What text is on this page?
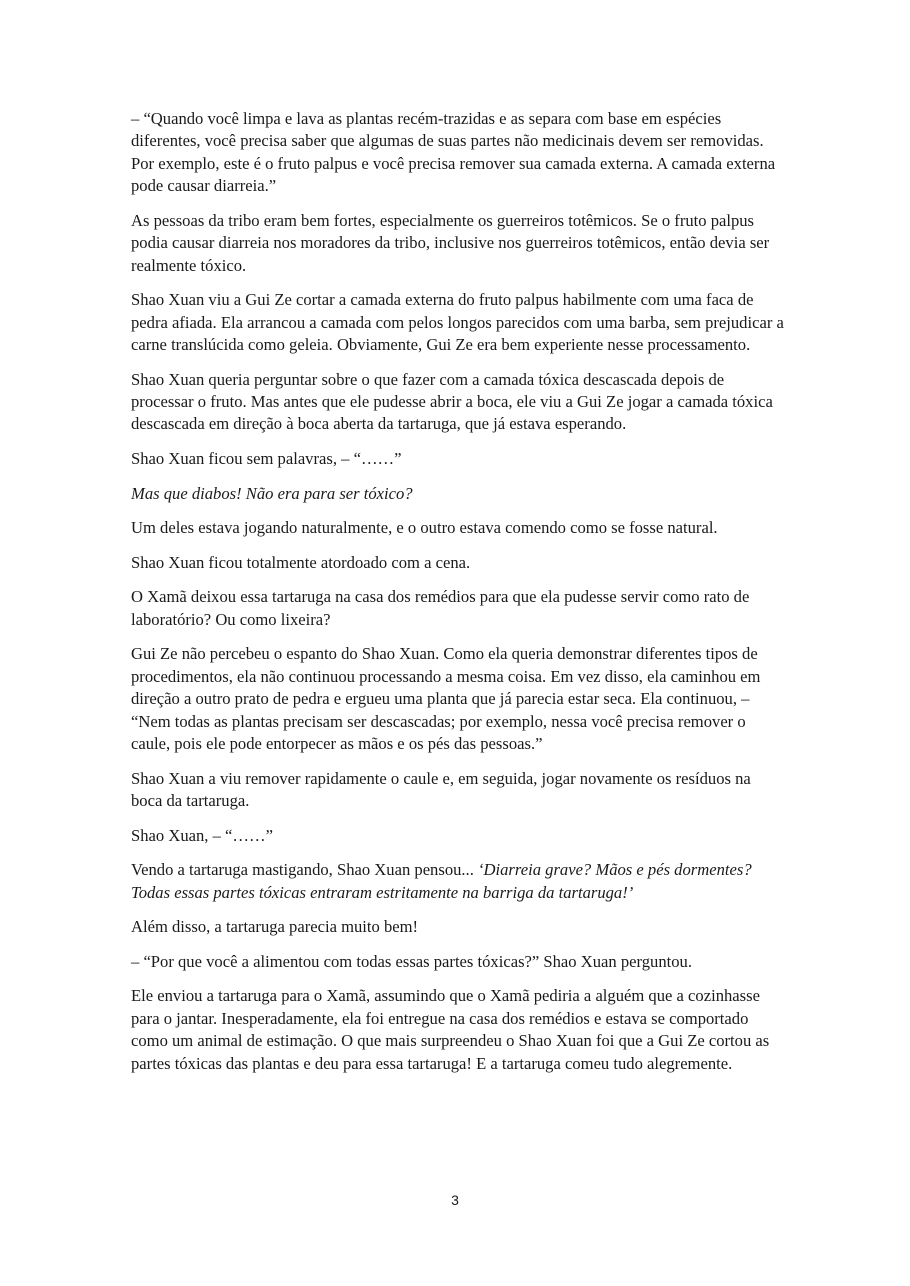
– “Quando você limpa e lava as plantas recém-trazidas e as separa com base em espécies diferentes, você precisa saber que algumas de suas partes não medicinais devem ser removidas. Por exemplo, este é o fruto palpus e você precisa remover sua camada externa. A camada externa pode causar diarreia.”

As pessoas da tribo eram bem fortes, especialmente os guerreiros totêmicos. Se o fruto palpus podia causar diarreia nos moradores da tribo, inclusive nos guerreiros totêmicos, então devia ser realmente tóxico.

Shao Xuan viu a Gui Ze cortar a camada externa do fruto palpus habilmente com uma faca de pedra afiada. Ela arrancou a camada com pelos longos parecidos com uma barba, sem prejudicar a carne translúcida como geleia. Obviamente, Gui Ze era bem experiente nesse processamento.

Shao Xuan queria perguntar sobre o que fazer com a camada tóxica descascada depois de processar o fruto. Mas antes que ele pudesse abrir a boca, ele viu a Gui Ze jogar a camada tóxica descascada em direção à boca aberta da tartaruga, que já estava esperando.

Shao Xuan ficou sem palavras, – “……”

Mas que diabos! Não era para ser tóxico?

Um deles estava jogando naturalmente, e o outro estava comendo como se fosse natural.

Shao Xuan ficou totalmente atordoado com a cena.

O Xamã deixou essa tartaruga na casa dos remédios para que ela pudesse servir como rato de laboratório? Ou como lixeira?

Gui Ze não percebeu o espanto do Shao Xuan. Como ela queria demonstrar diferentes tipos de procedimentos, ela não continuou processando a mesma coisa. Em vez disso, ela caminhou em direção a outro prato de pedra e ergueu uma planta que já parecia estar seca. Ela continuou, – “Nem todas as plantas precisam ser descascadas; por exemplo, nessa você precisa remover o caule, pois ele pode entorpecer as mãos e os pés das pessoas.”

Shao Xuan a viu remover rapidamente o caule e, em seguida, jogar novamente os resíduos na boca da tartaruga.

Shao Xuan, – “……”

Vendo a tartaruga mastigando, Shao Xuan pensou... ‘Diarreia grave? Mãos e pés dormentes? Todas essas partes tóxicas entraram estritamente na barriga da tartaruga!’

Além disso, a tartaruga parecia muito bem!

– “Por que você a alimentou com todas essas partes tóxicas?” Shao Xuan perguntou.

Ele enviou a tartaruga para o Xamã, assumindo que o Xamã pediria a alguém que a cozinhasse para o jantar. Inesperadamente, ela foi entregue na casa dos remédios e estava se comportado como um animal de estimação. O que mais surpreendeu o Shao Xuan foi que a Gui Ze cortou as partes tóxicas das plantas e deu para essa tartaruga! E a tartaruga comeu tudo alegremente.

3
